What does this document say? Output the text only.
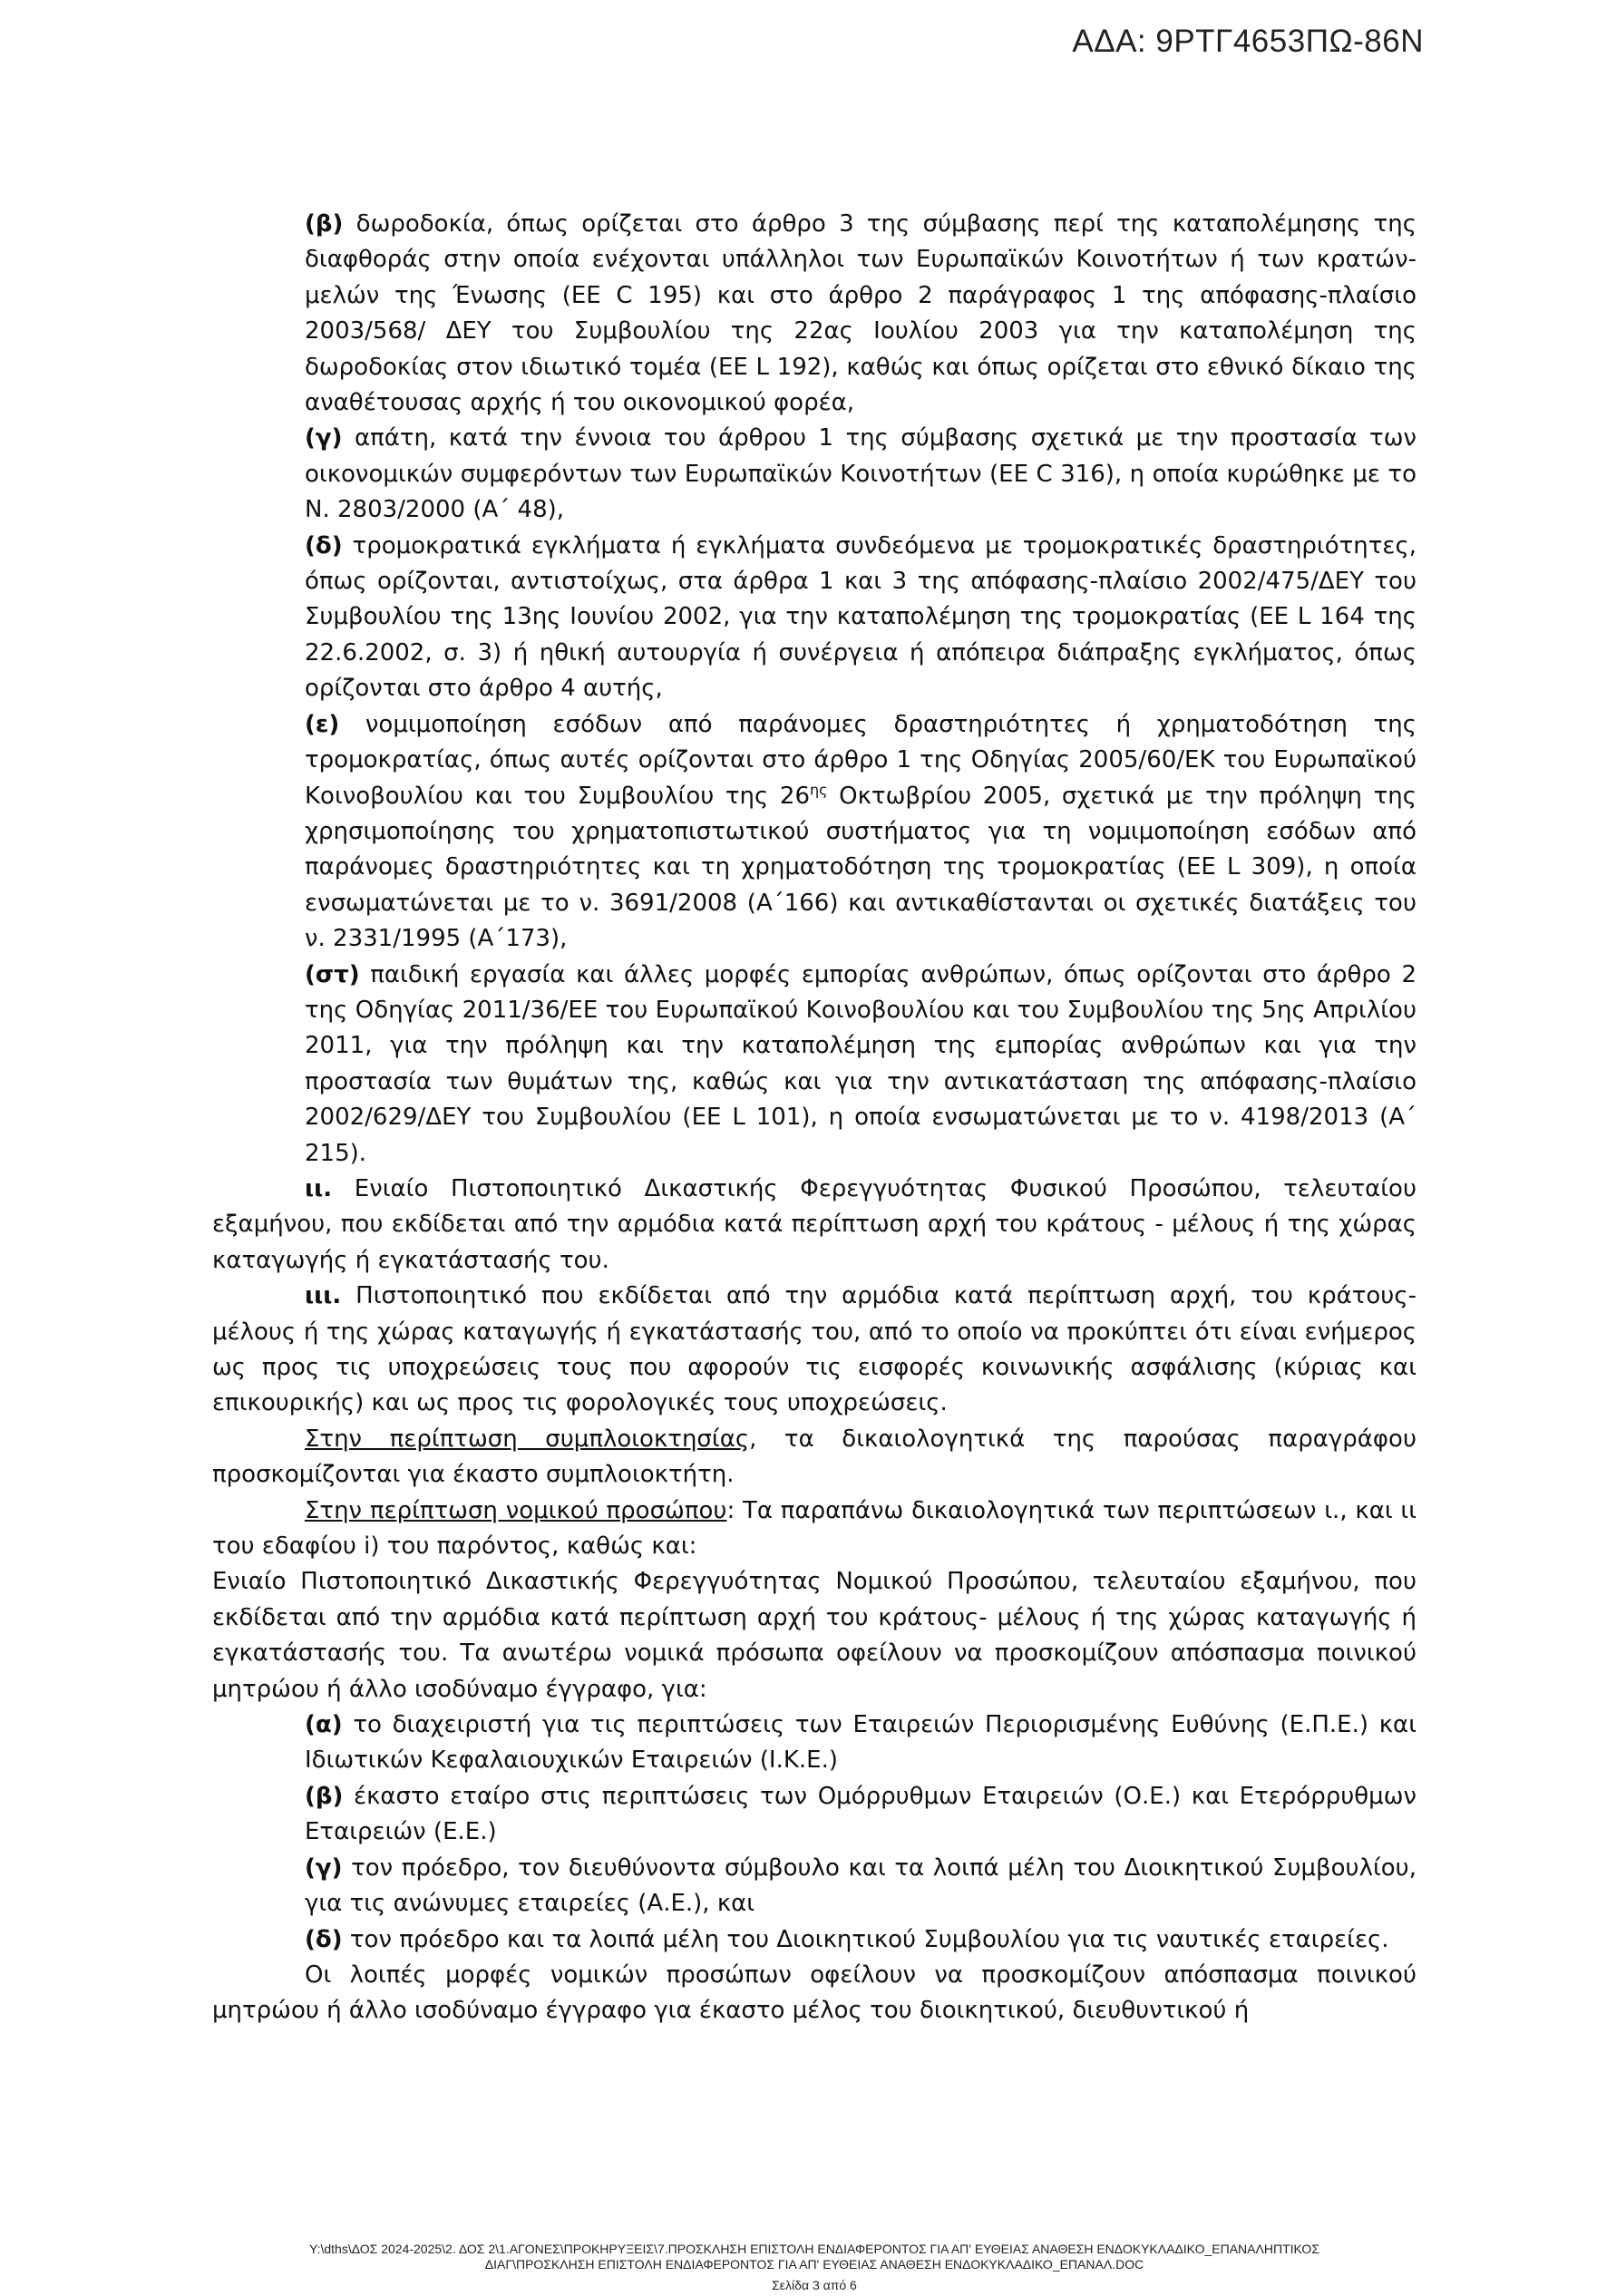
ΑΔΑ: 9ΡΤΓ4653ΠΩ-86Ν

(β) δωροδοκία, όπως ορίζεται στο άρθρο 3 της σύμβασης περί της καταπολέμησης της διαφθοράς στην οποία ενέχονται υπάλληλοι των Ευρωπαϊκών Κοινοτήτων ή των κρατών-μελών της Ένωσης (ΕΕ C 195) και στο άρθρο 2 παράγραφος 1 της απόφασης-πλαίσιο 2003/568/ ΔΕΥ του Συμβουλίου της 22ας Ιουλίου 2003 για την καταπολέμηση της δωροδοκίας στον ιδιωτικό τομέα (ΕΕ L 192), καθώς και όπως ορίζεται στο εθνικό δίκαιο της αναθέτουσας αρχής ή του οικονομικού φορέα,

(γ) απάτη, κατά την έννοια του άρθρου 1 της σύμβασης σχετικά με την προστασία των οικονομικών συμφερόντων των Ευρωπαϊκών Κοινοτήτων (ΕΕ C 316), η οποία κυρώθηκε με το Ν. 2803/2000 (Α΄ 48),

(δ) τρομοκρατικά εγκλήματα ή εγκλήματα συνδεόμενα με τρομοκρατικές δραστηριότητες, όπως ορίζονται, αντιστοίχως, στα άρθρα 1 και 3 της απόφασης-πλαίσιο 2002/475/ΔΕΥ του Συμβουλίου της 13ης Ιουνίου 2002, για την καταπολέμηση της τρομοκρατίας (ΕΕ L 164 της 22.6.2002, σ. 3) ή ηθική αυτουργία ή συνέργεια ή απόπειρα διάπραξης εγκλήματος, όπως ορίζονται στο άρθρο 4 αυτής,

(ε) νομιμοποίηση εσόδων από παράνομες δραστηριότητες ή χρηματοδότηση της τρομοκρατίας, όπως αυτές ορίζονται στο άρθρο 1 της Οδηγίας 2005/60/ΕΚ του Ευρωπαϊκού Κοινοβουλίου και του Συμβουλίου της $26^{\eta\varsigma}$ Οκτωβρίου 2005, σχετικά με την πρόληψη της χρησιμοποίησης του χρηματοπιστωτικού συστήματος για τη νομιμοποίηση εσόδων από παράνομες δραστηριότητες και τη χρηματοδότηση της τρομοκρατίας (ΕΕ L 309), η οποία ενσωματώνεται με το ν. 3691/2008 (Α΄166) και αντικαθίστανται οι σχετικές διατάξεις του ν. 2331/1995 (Α΄173),

(στ) παιδική εργασία και άλλες μορφές εμπορίας ανθρώπων, όπως ορίζονται στο άρθρο 2 της Οδηγίας 2011/36/ΕΕ του Ευρωπαϊκού Κοινοβουλίου και του Συμβουλίου της 5ης Απριλίου 2011, για την πρόληψη και την καταπολέμηση της εμπορίας ανθρώπων και για την προστασία των θυμάτων της, καθώς και για την αντικατάσταση της απόφασης-πλαίσιο 2002/629/ΔΕΥ του Συμβουλίου (ΕΕ L 101), η οποία ενσωματώνεται με το ν. 4198/2013 (Α΄ 215).

ιι. Ενιαίο Πιστοποιητικό Δικαστικής Φερεγγυότητας Φυσικού Προσώπου, τελευταίου εξαμήνου, που εκδίδεται από την αρμόδια κατά περίπτωση αρχή του κράτους - μέλους ή της χώρας καταγωγής ή εγκατάστασής του.

ιιι. Πιστοποιητικό που εκδίδεται από την αρμόδια κατά περίπτωση αρχή, του κράτους-μέλους ή της χώρας καταγωγής ή εγκατάστασής του, από το οποίο να προκύπτει ότι είναι ενήμερος ως προς τις υποχρεώσεις τους που αφορούν τις εισφορές κοινωνικής ασφάλισης (κύριας και επικουρικής) και ως προς τις φορολογικές τους υποχρεώσεις.

Στην περίπτωση συμπλοιοκτησίας, τα δικαιολογητικά της παρούσας παραγράφου προσκομίζονται για έκαστο συμπλοιοκτήτη.

Στην περίπτωση νομικού προσώπου: Τα παραπάνω δικαιολογητικά των περιπτώσεων ι., και ιι του εδαφίου i) του παρόντος, καθώς και:

Ενιαίο Πιστοποιητικό Δικαστικής Φερεγγυότητας Νομικού Προσώπου, τελευταίου εξαμήνου, που εκδίδεται από την αρμόδια κατά περίπτωση αρχή του κράτους- μέλους ή της χώρας καταγωγής ή εγκατάστασής του. Τα ανωτέρω νομικά πρόσωπα οφείλουν να προσκομίζουν απόσπασμα ποινικού μητρώου ή άλλο ισοδύναμο έγγραφο, για:

(α) το διαχειριστή για τις περιπτώσεις των Εταιρειών Περιορισμένης Ευθύνης (Ε.Π.Ε.) και Ιδιωτικών Κεφαλαιουχικών Εταιρειών (Ι.Κ.Ε.)

(β) έκαστο εταίρο στις περιπτώσεις των Ομόρρυθμων Εταιρειών (Ο.Ε.) και Ετερόρρυθμων Εταιρειών (Ε.Ε.)

(γ) τον πρόεδρο, τον διευθύνοντα σύμβουλο και τα λοιπά μέλη του Διοικητικού Συμβουλίου, για τις ανώνυμες εταιρείες (Α.Ε.), και

(δ) τον πρόεδρο και τα λοιπά μέλη του Διοικητικού Συμβουλίου για τις ναυτικές εταιρείες.

Οι λοιπές μορφές νομικών προσώπων οφείλουν να προσκομίζουν απόσπασμα ποινικού μητρώου ή άλλο ισοδύναμο έγγραφο για έκαστο μέλος του διοικητικού, διευθυντικού ή

Y:\dths\ΔΟΣ 2024-2025\2. ΔΟΣ 2\1.ΑΓΟΝΕΣ\ΠΡΟΚΗΡΥΞΕΙΣ\7.ΠΡΟΣΚΛΗΣΗ ΕΠΙΣΤΟΛΗ ΕΝΔΙΑΦΕΡΟΝΤΟΣ ΓΙΑ ΑΠ' ΕΥΘΕΙΑΣ ΑΝΑΘΕΣΗ ΕΝΔΟΚΥΚΛΑΔΙΚΟ_ΕΠΑΝΑΛΗΠΤΙΚΟΣ
ΔΙΑΓ\ΠΡΟΣΚΛΗΣΗ ΕΠΙΣΤΟΛΗ ΕΝΔΙΑΦΕΡΟΝΤΟΣ ΓΙΑ ΑΠ' ΕΥΘΕΙΑΣ ΑΝΑΘΕΣΗ ΕΝΔΟΚΥΚΛΑΔΙΚΟ_ΕΠΑΝΑΛ.DOC
Σελίδα 3 από 6
